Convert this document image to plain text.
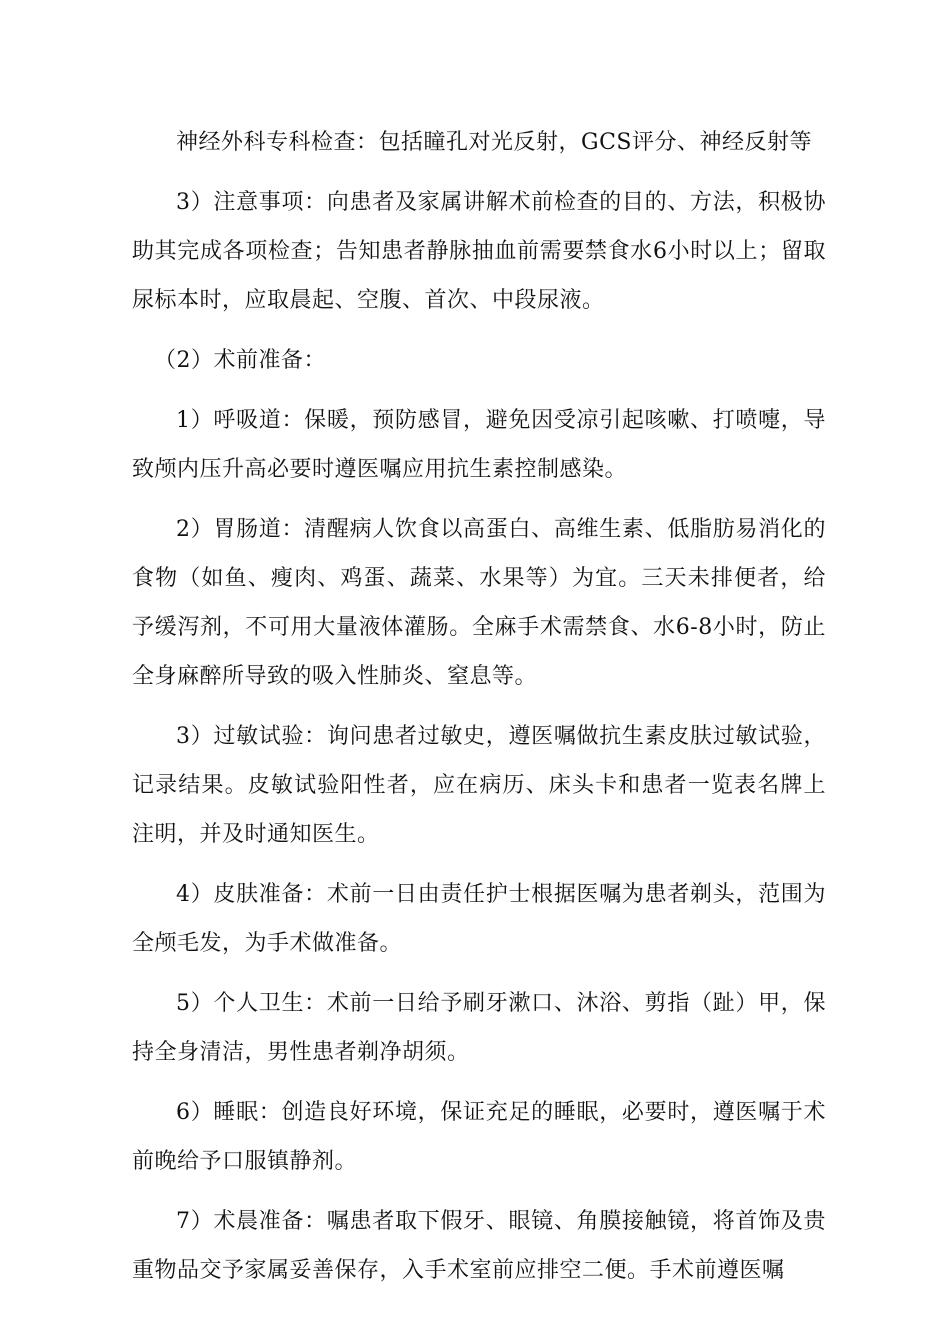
神经外科专科检查：包括瞳孔对光反射，GCS评分、神经反射等

3）注意事项：向患者及家属讲解术前检查的目的、方法，积极协助其完成各项检查；告知患者静脉抽血前需要禁食水6小时以上；留取尿标本时，应取晨起、空腹、首次、中段尿液。

（2）术前准备：

1）呼吸道：保暖，预防感冒，避免因受凉引起咳嗽、打喷嚏，导致颅内压升高必要时遵医嘱应用抗生素控制感染。

2）胃肠道：清醒病人饮食以高蛋白、高维生素、低脂肪易消化的食物（如鱼、瘦肉、鸡蛋、蔬菜、水果等）为宜。三天未排便者，给予缓泻剂，不可用大量液体灌肠。全麻手术需禁食、水6-8小时，防止全身麻醉所导致的吸入性肺炎、窒息等。

3）过敏试验：询问患者过敏史，遵医嘱做抗生素皮肤过敏试验，记录结果。皮敏试验阳性者，应在病历、床头卡和患者一览表名牌上注明，并及时通知医生。

4）皮肤准备：术前一日由责任护士根据医嘱为患者剃头，范围为全颅毛发，为手术做准备。

5）个人卫生：术前一日给予刷牙漱口、沐浴、剪指（趾）甲，保持全身清洁，男性患者剃净胡须。

6）睡眠：创造良好环境，保证充足的睡眠，必要时，遵医嘱于术前晚给予口服镇静剂。

7）术晨准备：嘱患者取下假牙、眼镜、角膜接触镜，将首饰及贵重物品交予家属妥善保存，入手术室前应排空二便。手术前遵医嘱
